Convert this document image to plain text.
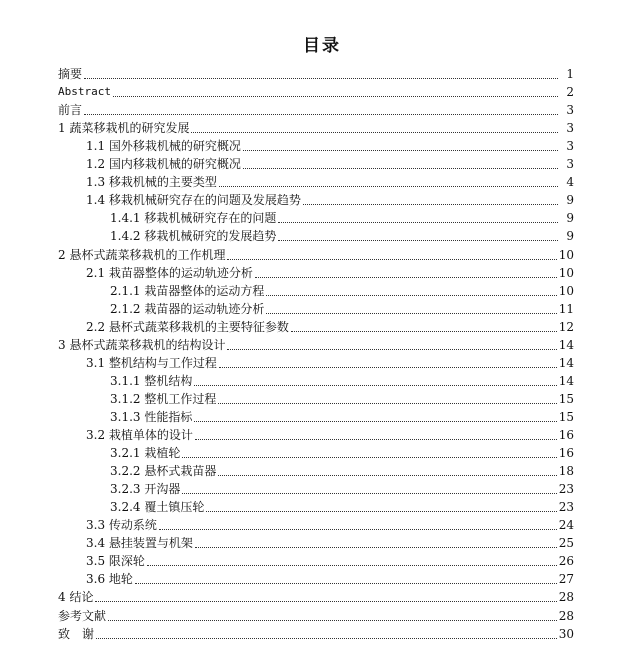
目录
摘要	1
Abstract	2
前言	3
1 蔬菜移栽机的研究发展	3
1.1 国外移栽机械的研究概况	3
1.2 国内移栽机械的研究概况	3
1.3 移栽机械的主要类型	4
1.4 移栽机械研究存在的问题及发展趋势	9
1.4.1 移栽机械研究存在的问题	9
1.4.2 移栽机械研究的发展趋势	9
2 悬杯式蔬菜移栽机的工作机理	10
2.1 栽苗器整体的运动轨迹分析	10
2.1.1 栽苗器整体的运动方程	10
2.1.2 栽苗器的运动轨迹分析	11
2.2 悬杯式蔬菜移栽机的主要特征参数	12
3 悬杯式蔬菜移栽机的结构设计	14
3.1 整机结构与工作过程	14
3.1.1 整机结构	14
3.1.2 整机工作过程	15
3.1.3 性能指标	15
3.2 栽植单体的设计	16
3.2.1 栽植轮	16
3.2.2 悬杯式栽苗器	18
3.2.3 开沟器	23
3.2.4 覆土镇压轮	23
3.3 传动系统	24
3.4 悬挂装置与机架	25
3.5 限深轮	26
3.6 地轮	27
4 结论	28
参考文献	28
致　谢	30
